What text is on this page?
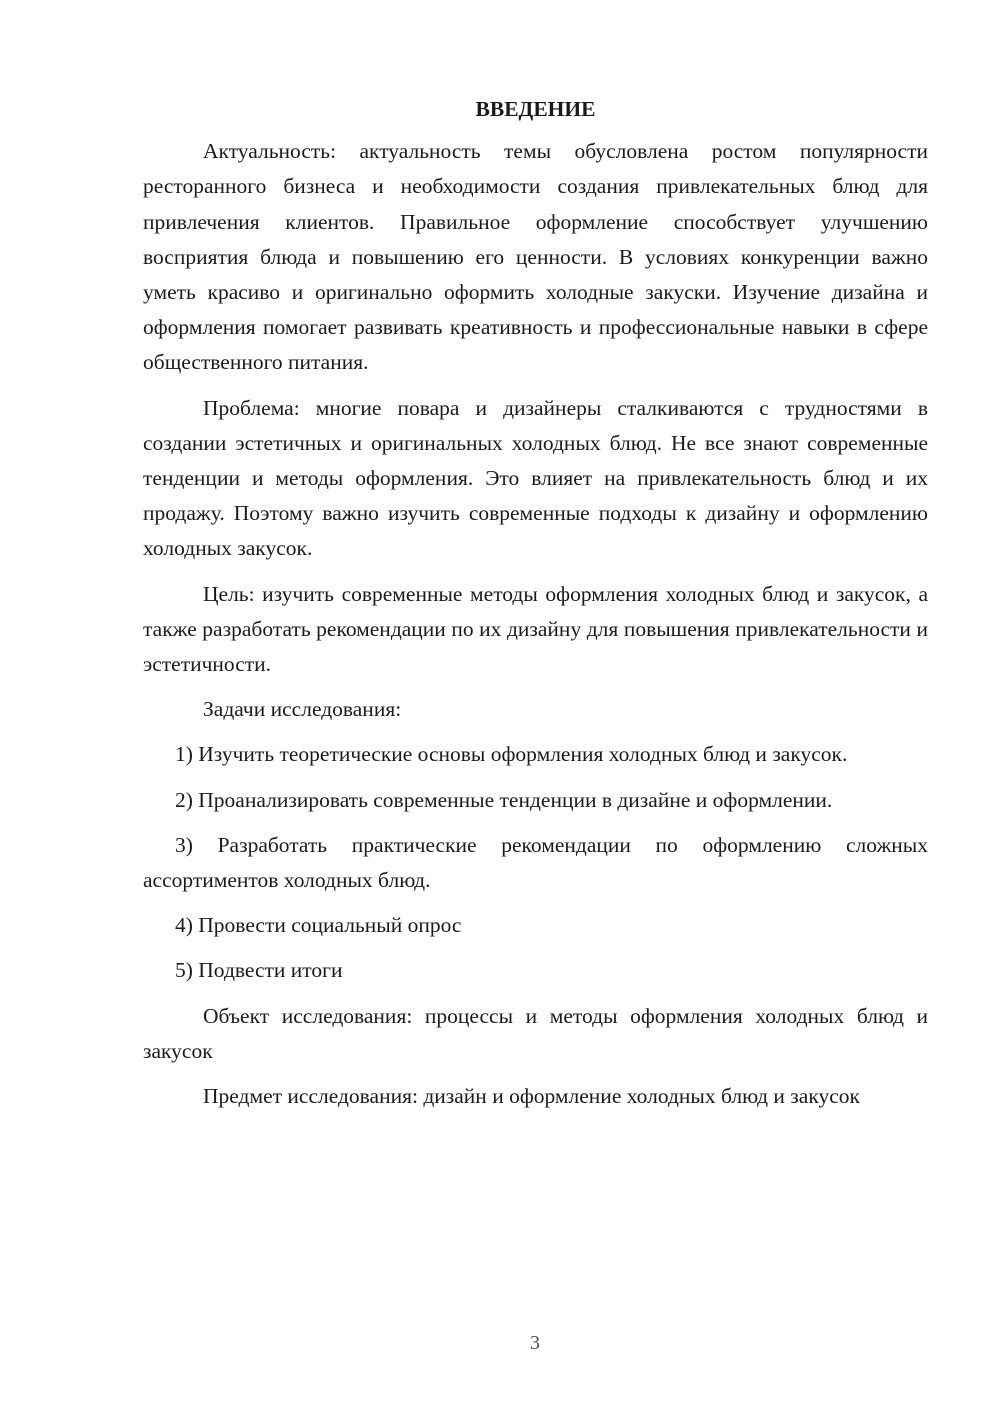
ВВЕДЕНИЕ

Актуальность: актуальность темы обусловлена ростом популярности ресторанного бизнеса и необходимости создания привлекательных блюд для привлечения клиентов. Правильное оформление способствует улучшению восприятия блюда и повышению его ценности. В условиях конкуренции важно уметь красиво и оригинально оформить холодные закуски. Изучение дизайна и оформления помогает развивать креативность и профессиональные навыки в сфере общественного питания.

Проблема: многие повара и дизайнеры сталкиваются с трудностями в создании эстетичных и оригинальных холодных блюд. Не все знают современные тенденции и методы оформления. Это влияет на привлекательность блюд и их продажу. Поэтому важно изучить современные подходы к дизайну и оформлению холодных закусок.

Цель: изучить современные методы оформления холодных блюд и закусок, а также разработать рекомендации по их дизайну для повышения привлекательности и эстетичности.

Задачи исследования:

1) Изучить теоретические основы оформления холодных блюд и закусок.

2) Проанализировать современные тенденции в дизайне и оформлении.

3) Разработать практические рекомендации по оформлению сложных ассортиментов холодных блюд.

4) Провести социальный опрос

5) Подвести итоги

Объект исследования: процессы и методы оформления холодных блюд и закусок

Предмет исследования: дизайн и оформление холодных блюд и закусок

3
